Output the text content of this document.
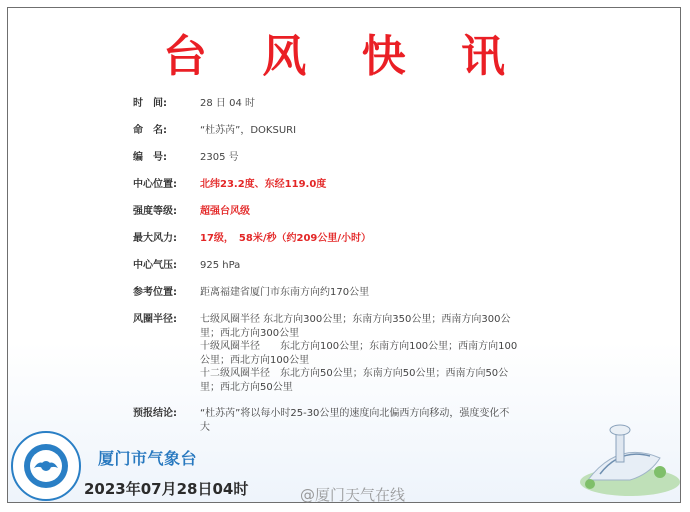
台 风 快 讯
时　间:	28 日 04 时
命　名:	“杜苏芮”，DOKSURI
编　号:	2305 号
中心位置:	北纬23.2度、东经119.0度
强度等级:	超强台风级
最大风力:	17级，　58米/秒（约209公里/小时）
中心气压:	925 hPa
参考位置:	距离福建省厦门市东南方向约170公里
风圈半径:	七级风圈半径 东北方向300公里；东南方向350公里；西南方向300公里；西北方向300公里
十级风圈半径　　东北方向100公里；东南方向100公里；西南方向100公里；西北方向100公里
十二级风圈半径　东北方向50公里；东南方向50公里；西南方向50公里；西北方向50公里
预报结论:	“杜苏芮”将以每小时25-30公里的速度向北偏西方向移动，强度变化不大
厦门市气象台
2023年07月28日04时	@厦门天气在线
